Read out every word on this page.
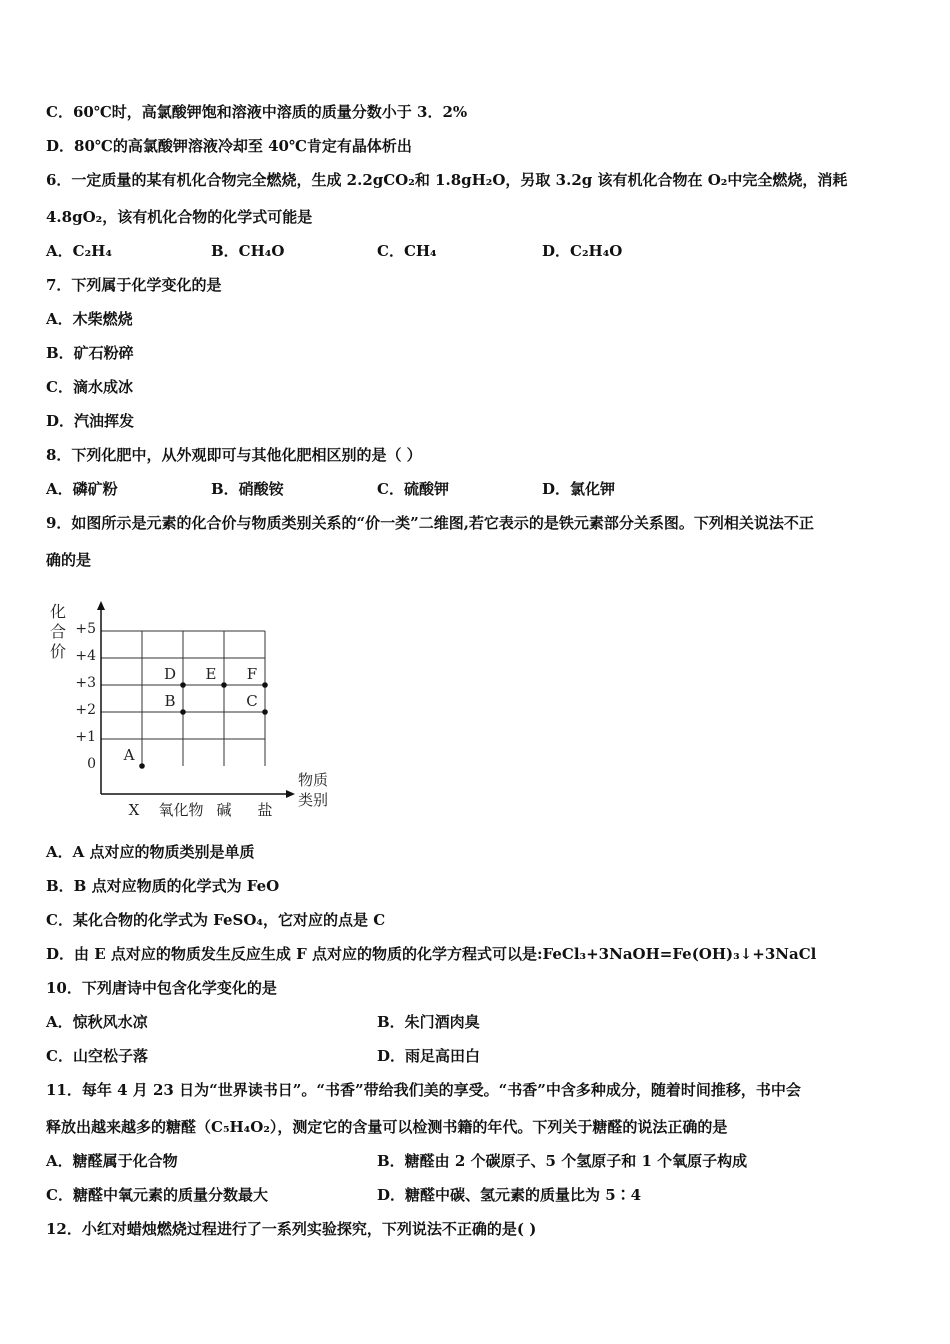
C．60℃时，高氯酸钾饱和溶液中溶质的质量分数小于 3．2%
D．80℃的高氯酸钾溶液冷却至 40℃肯定有晶体析出
6．一定质量的某有机化合物完全燃烧，生成 2.2gCO₂和 1.8gH₂O，另取 3.2g 该有机化合物在 O₂中完全燃烧，消耗
4.8gO₂，该有机化合物的化学式可能是
A．C₂H₄	B．CH₄O	C．CH₄	D．C₂H₄O
7．下列属于化学变化的是
A．木柴燃烧
B．矿石粉碎
C．滴水成冰
D．汽油挥发
8．下列化肥中，从外观即可与其他化肥相区别的是（ ）
A．磷矿粉	B．硝酸铵	C．硫酸钾	D．氯化钾
9．如图所示是元素的化合价与物质类别关系的“价一类”二维图,若它表示的是铁元素部分关系图。下列相关说法不正
确的是
化
合
价
物质
类别
0
+1
+2
+3
+4
+5
X 氧化物 碱 盐
A
B
D E F
C
A．A 点对应的物质类别是单质
B．B 点对应物质的化学式为 FeO
C．某化合物的化学式为 FeSO₄，它对应的点是 C
D．由 E 点对应的物质发生反应生成 F 点对应的物质的化学方程式可以是:FeCl₃+3NaOH=Fe(OH)₃↓+3NaCl
10．下列唐诗中包含化学变化的是
A．惊秋风水凉	B．朱门酒肉臭
C．山空松子落	D．雨足高田白
11．每年 4 月 23 日为“世界读书日”。“书香”带给我们美的享受。“书香”中含多种成分，随着时间推移，书中会
释放出越来越多的糖醛（C₅H₄O₂），测定它的含量可以检测书籍的年代。下列关于糖醛的说法正确的是
A．糖醛属于化合物	B．糖醛由 2 个碳原子、5 个氢原子和 1 个氧原子构成
C．糖醛中氧元素的质量分数最大	D．糖醛中碳、氢元素的质量比为 5∶4
12．小红对蜡烛燃烧过程进行了一系列实验探究，下列说法不正确的是( )
